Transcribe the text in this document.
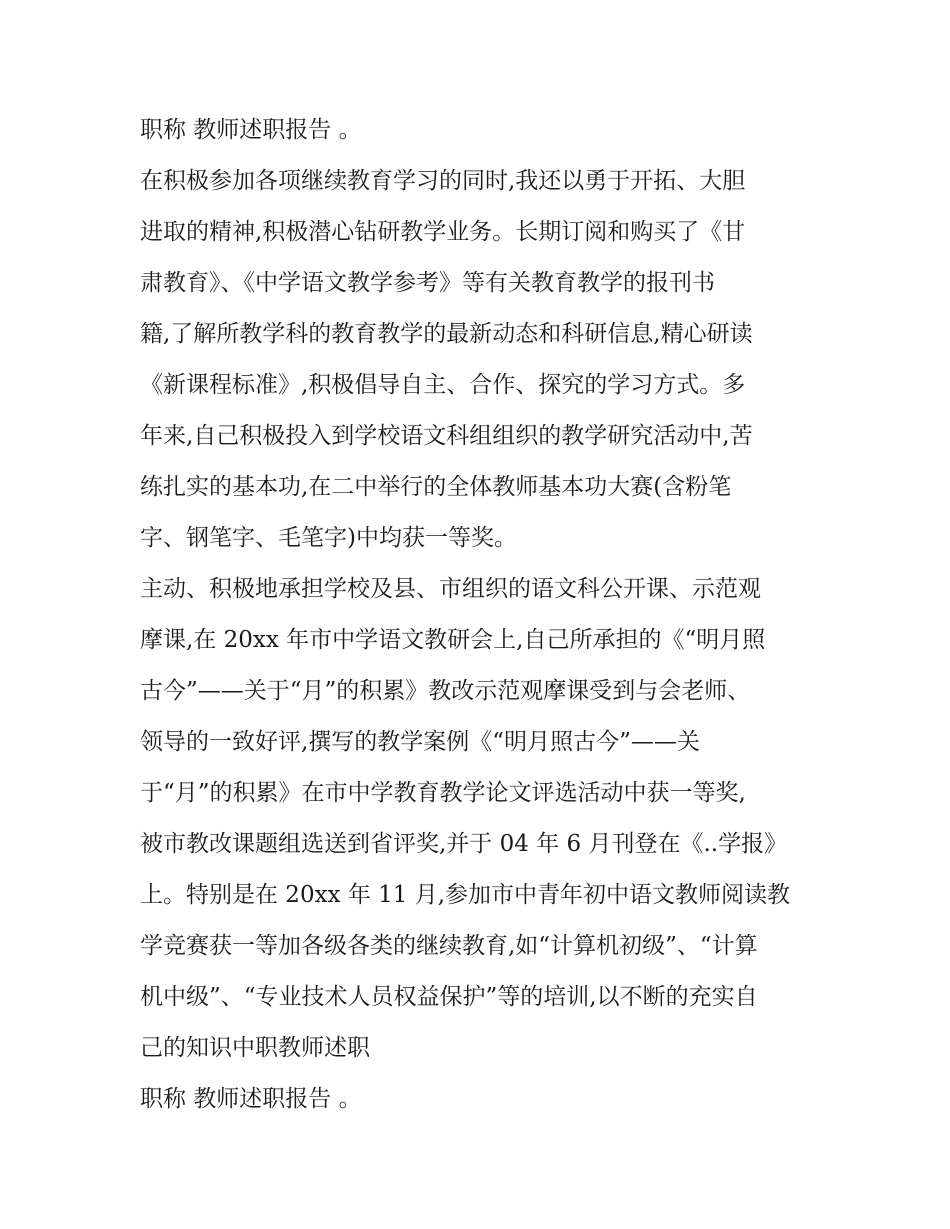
职称 教师述职报告 。
在积极参加各项继续教育学习的同时,我还以勇于开拓、大胆
进取的精神,积极潜心钻研教学业务。长期订阅和购买了《甘
肃教育》、《中学语文教学参考》等有关教育教学的报刊书
籍,了解所教学科的教育教学的最新动态和科研信息,精心研读
《新课程标准》,积极倡导自主、合作、探究的学习方式。多
年来,自己积极投入到学校语文科组组织的教学研究活动中,苦
练扎实的基本功,在二中举行的全体教师基本功大赛(含粉笔
字、钢笔字、毛笔字)中均获一等奖。
主动、积极地承担学校及县、市组织的语文科公开课、示范观
摩课,在 20xx 年市中学语文教研会上,自己所承担的《“明月照
古今”——关于“月”的积累》教改示范观摩课受到与会老师、
领导的一致好评,撰写的教学案例《“明月照古今”——关
于“月”的积累》在市中学教育教学论文评选活动中获一等奖,
被市教改课题组选送到省评奖,并于 04 年 6 月刊登在《..学报》
上。特别是在 20xx 年 11 月,参加市中青年初中语文教师阅读教
学竞赛获一等加各级各类的继续教育,如“计算机初级”、“计算
机中级”、“专业技术人员权益保护”等的培训,以不断的充实自
己的知识中职教师述职
职称 教师述职报告 。
